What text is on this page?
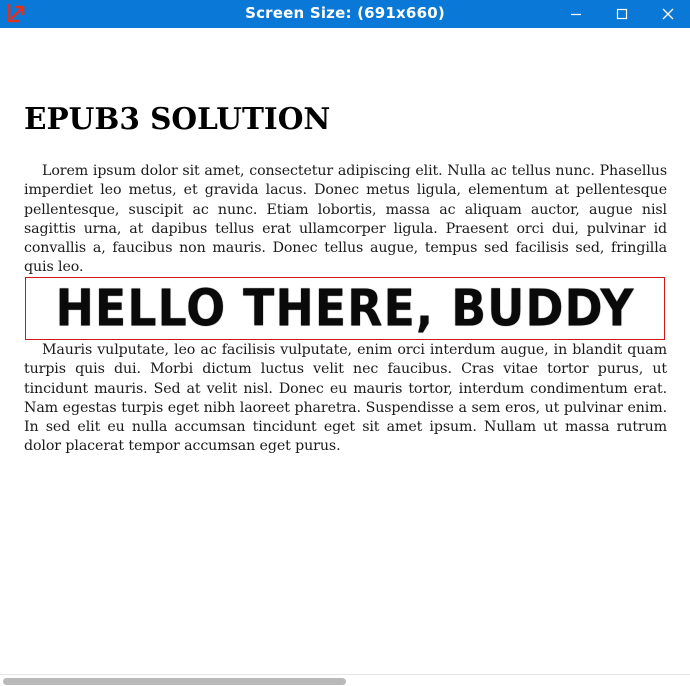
Screen Size: (691x660)
EPUB3 SOLUTION

Lorem ipsum dolor sit amet, consectetur adipiscing elit. Nulla ac tellus nunc. Phasellus imperdiet leo metus, et gravida lacus. Donec metus ligula, elementum at pellentesque pellentesque, suscipit ac nunc. Etiam lobortis, massa ac aliquam auctor, augue nisl sagittis urna, at dapibus tellus erat ullamcorper ligula. Praesent orci dui, pulvinar id convallis a, faucibus non mauris. Donec tellus augue, tempus sed facilisis sed, fringilla quis leo.

HELLO THERE, BUDDY

Mauris vulputate, leo ac facilisis vulputate, enim orci interdum augue, in blandit quam turpis quis dui. Morbi dictum luctus velit nec faucibus. Cras vitae tortor purus, ut tincidunt mauris. Sed at velit nisl. Donec eu mauris tortor, interdum condimentum erat. Nam egestas turpis eget nibh laoreet pharetra. Suspendisse a sem eros, ut pulvinar enim. In sed elit eu nulla accumsan tincidunt eget sit amet ipsum. Nullam ut massa rutrum dolor placerat tempor accumsan eget purus.
